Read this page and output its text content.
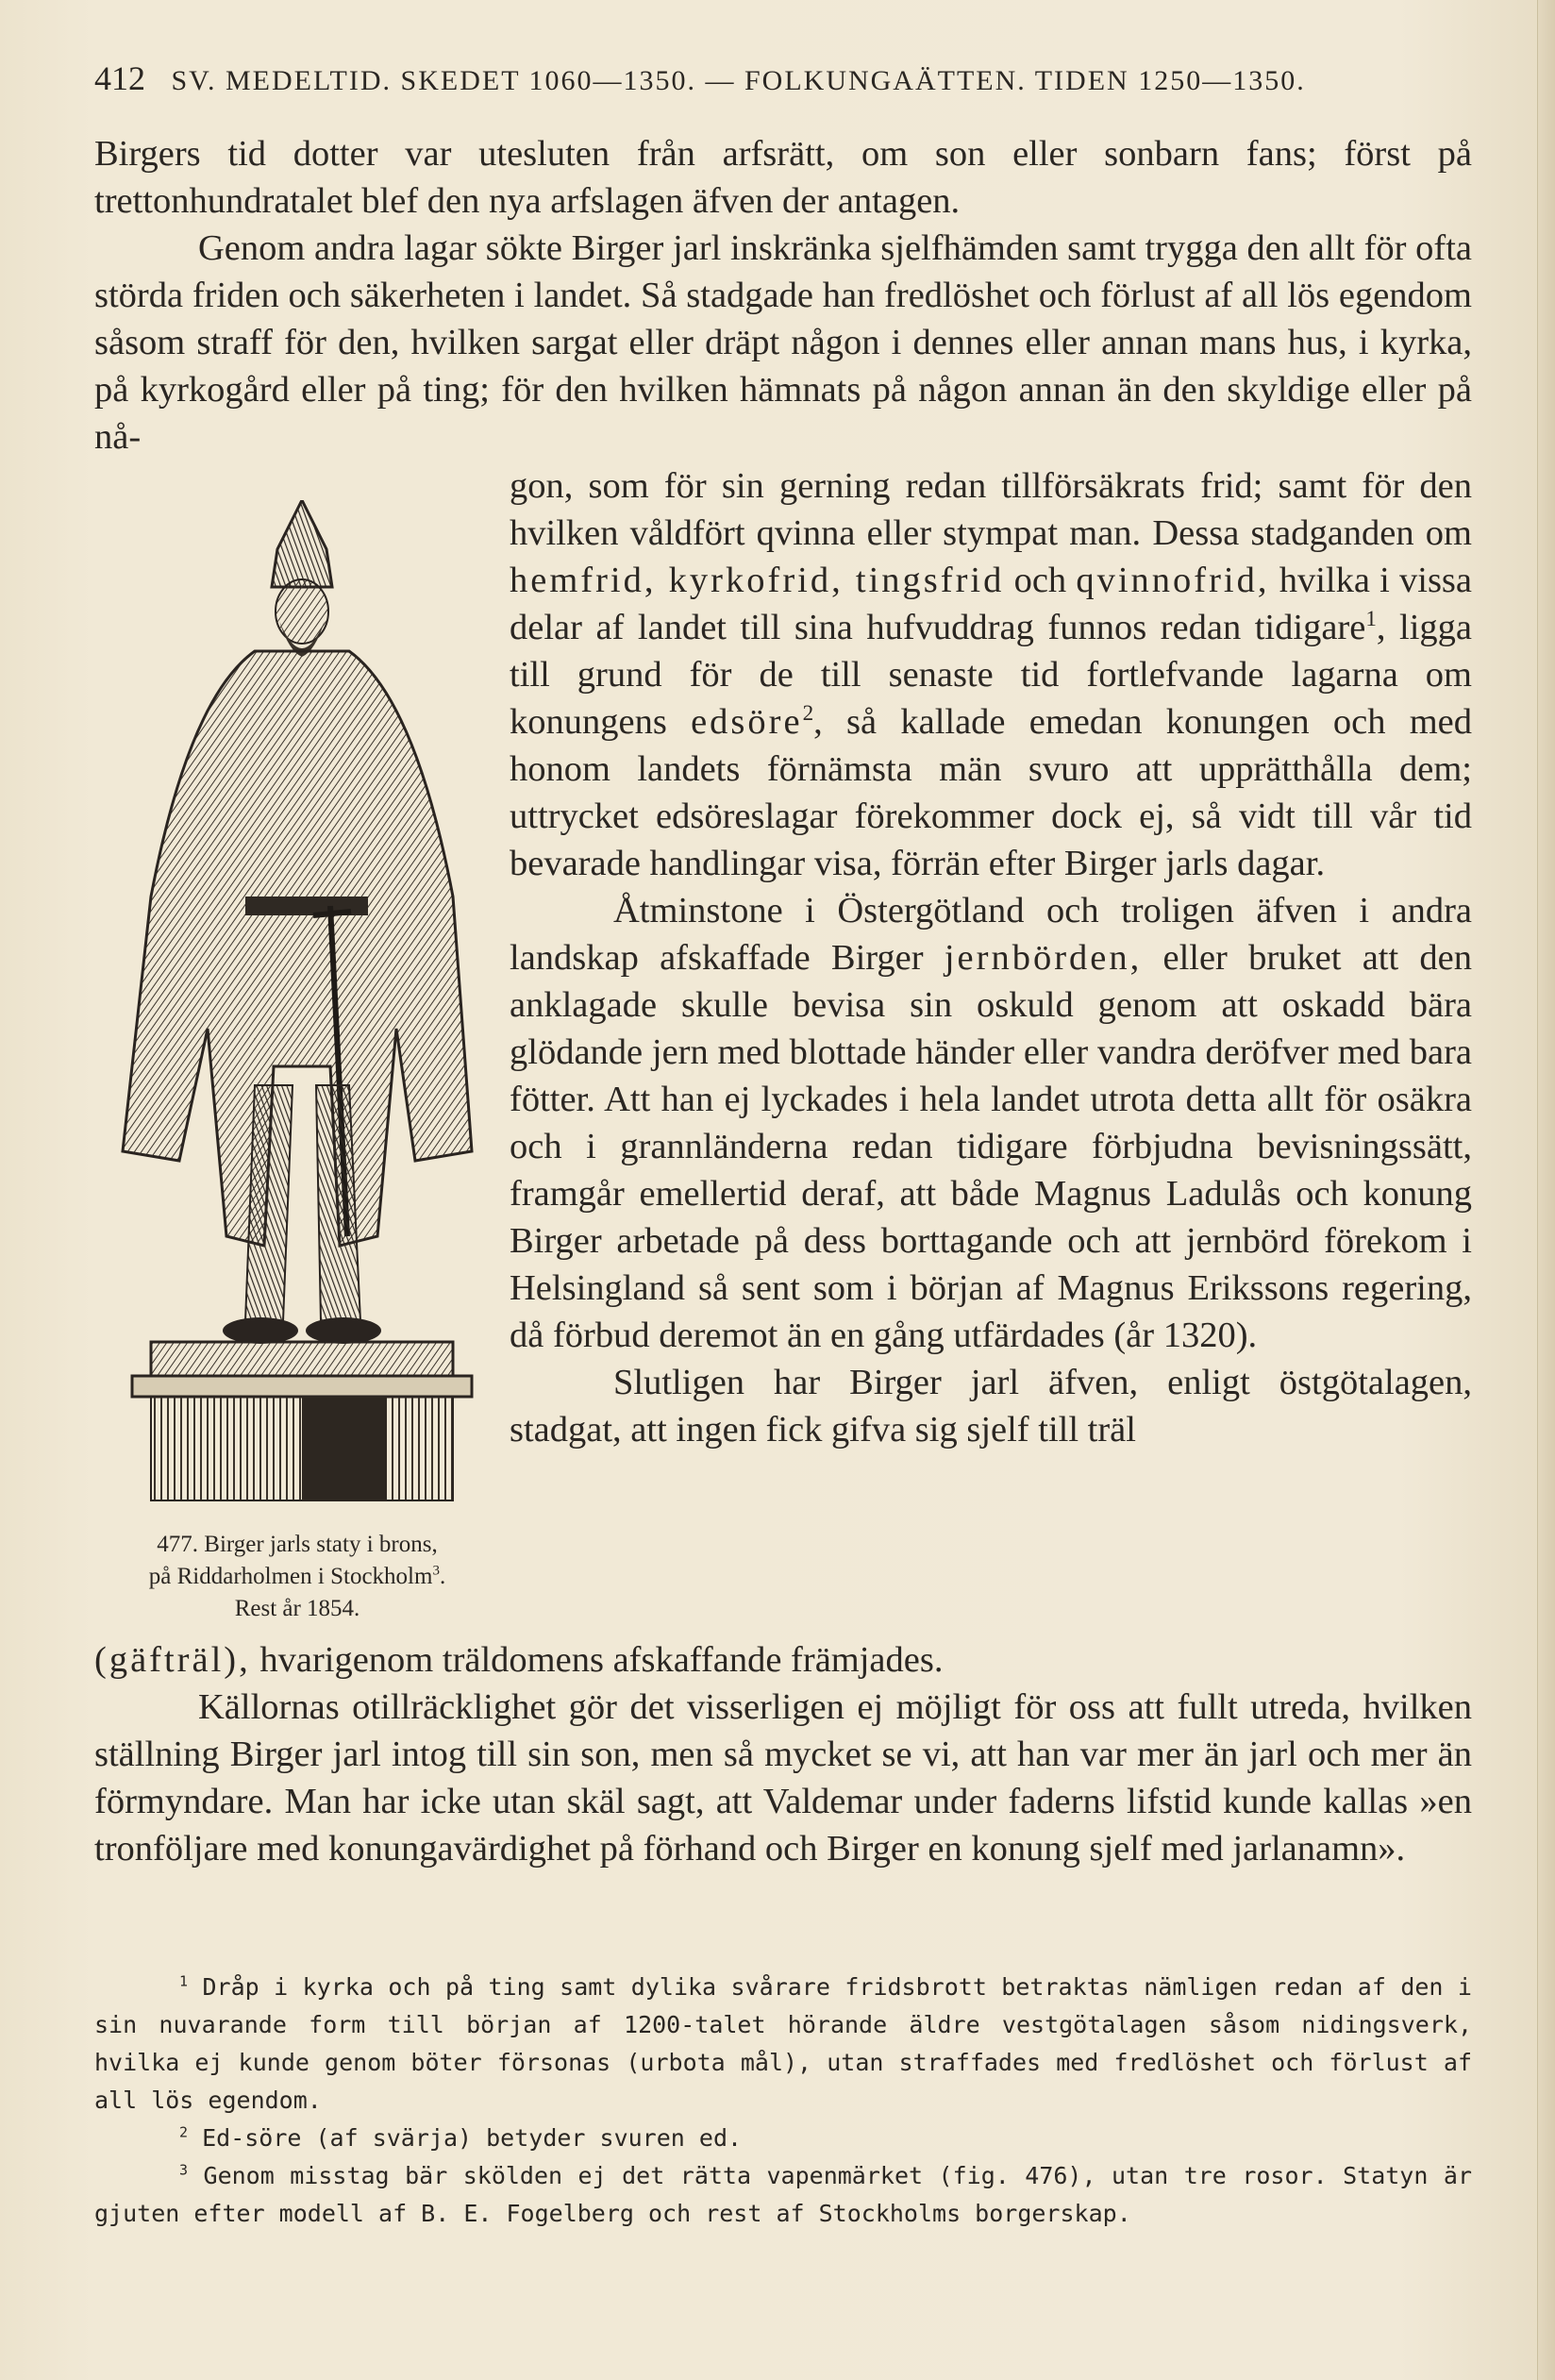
412 SV. MEDELTID. SKEDET 1060—1350. — FOLKUNGAÄTTEN. TIDEN 1250—1350.

Birgers tid dotter var utesluten från arfsrätt, om son eller sonbarn fans; först på trettonhundratalet blef den nya arfslagen äfven der antagen.

Genom andra lagar sökte Birger jarl inskränka sjelfhämden samt trygga den allt för ofta störda friden och säkerheten i landet. Så stadgade han fredlöshet och förlust af all lös egendom såsom straff för den, hvilken sargat eller dräpt någon i dennes eller annan mans hus, i kyrka, på kyrkogård eller på ting; för den hvilken hämnats på någon annan än den skyldige eller på nå-

gon, som för sin gerning redan tillförsäkrats frid; samt för den hvilken våldfört qvinna eller stympat man. Dessa stadganden om hemfrid, kyrkofrid, tingsfrid och qvinnofrid, hvilka i vissa delar af landet till sina hufvuddrag funnos redan tidigare$^1$, ligga till grund för de till senaste tid fortlefvande lagarna om konungens edsöre$^2$, så kallade emedan konungen och med honom landets förnämsta män svuro att upprätthålla dem; uttrycket edsöreslagar förekommer dock ej, så vidt till vår tid bevarade handlingar visa, förrän efter Birger jarls dagar.

Åtminstone i Östergötland och troligen äfven i andra landskap afskaffade Birger jernbörden, eller bruket att den anklagade skulle bevisa sin oskuld genom att oskadd bära glödande jern med blottade händer eller vandra deröfver med bara fötter. Att han ej lyckades i hela landet utrota detta allt för osäkra och i grannländerna redan tidigare förbjudna bevisningssätt, framgår emellertid deraf, att både Magnus Ladulås och konung Birger arbetade på dess borttagande och att jernbörd förekom i Helsingland så sent som i början af Magnus Erikssons regering, då förbud deremot än en gång utfärdades (år 1320).

Slutligen har Birger jarl äfven, enligt östgötalagen, stadgat, att ingen fick gifva sig sjelf till träl

477. Birger jarls staty i brons,
på Riddarholmen i Stockholm$^3$.
Rest år 1854.

(gäfträl), hvarigenom träldomens afskaffande främjades.

Källornas otillräcklighet gör det visserligen ej möjligt för oss att fullt utreda, hvilken ställning Birger jarl intog till sin son, men så mycket se vi, att han var mer än jarl och mer än förmyndare. Man har icke utan skäl sagt, att Valdemar under faderns lifstid kunde kallas »en tronföljare med konungavärdighet på förhand och Birger en konung sjelf med jarlanamn».

$^1$ Dråp i kyrka och på ting samt dylika svårare fridsbrott betraktas nämligen redan af den i sin nuvarande form till början af 1200-talet hörande äldre vestgötalagen såsom nidingsverk, hvilka ej kunde genom böter försonas (urbota mål), utan straffades med fredlöshet och förlust af all lös egendom.

$^2$ Ed-söre (af svärja) betyder svuren ed.

$^3$ Genom misstag bär skölden ej det rätta vapenmärket (fig. 476), utan tre rosor. Statyn är gjuten efter modell af B. E. Fogelberg och rest af Stockholms borgerskap.
